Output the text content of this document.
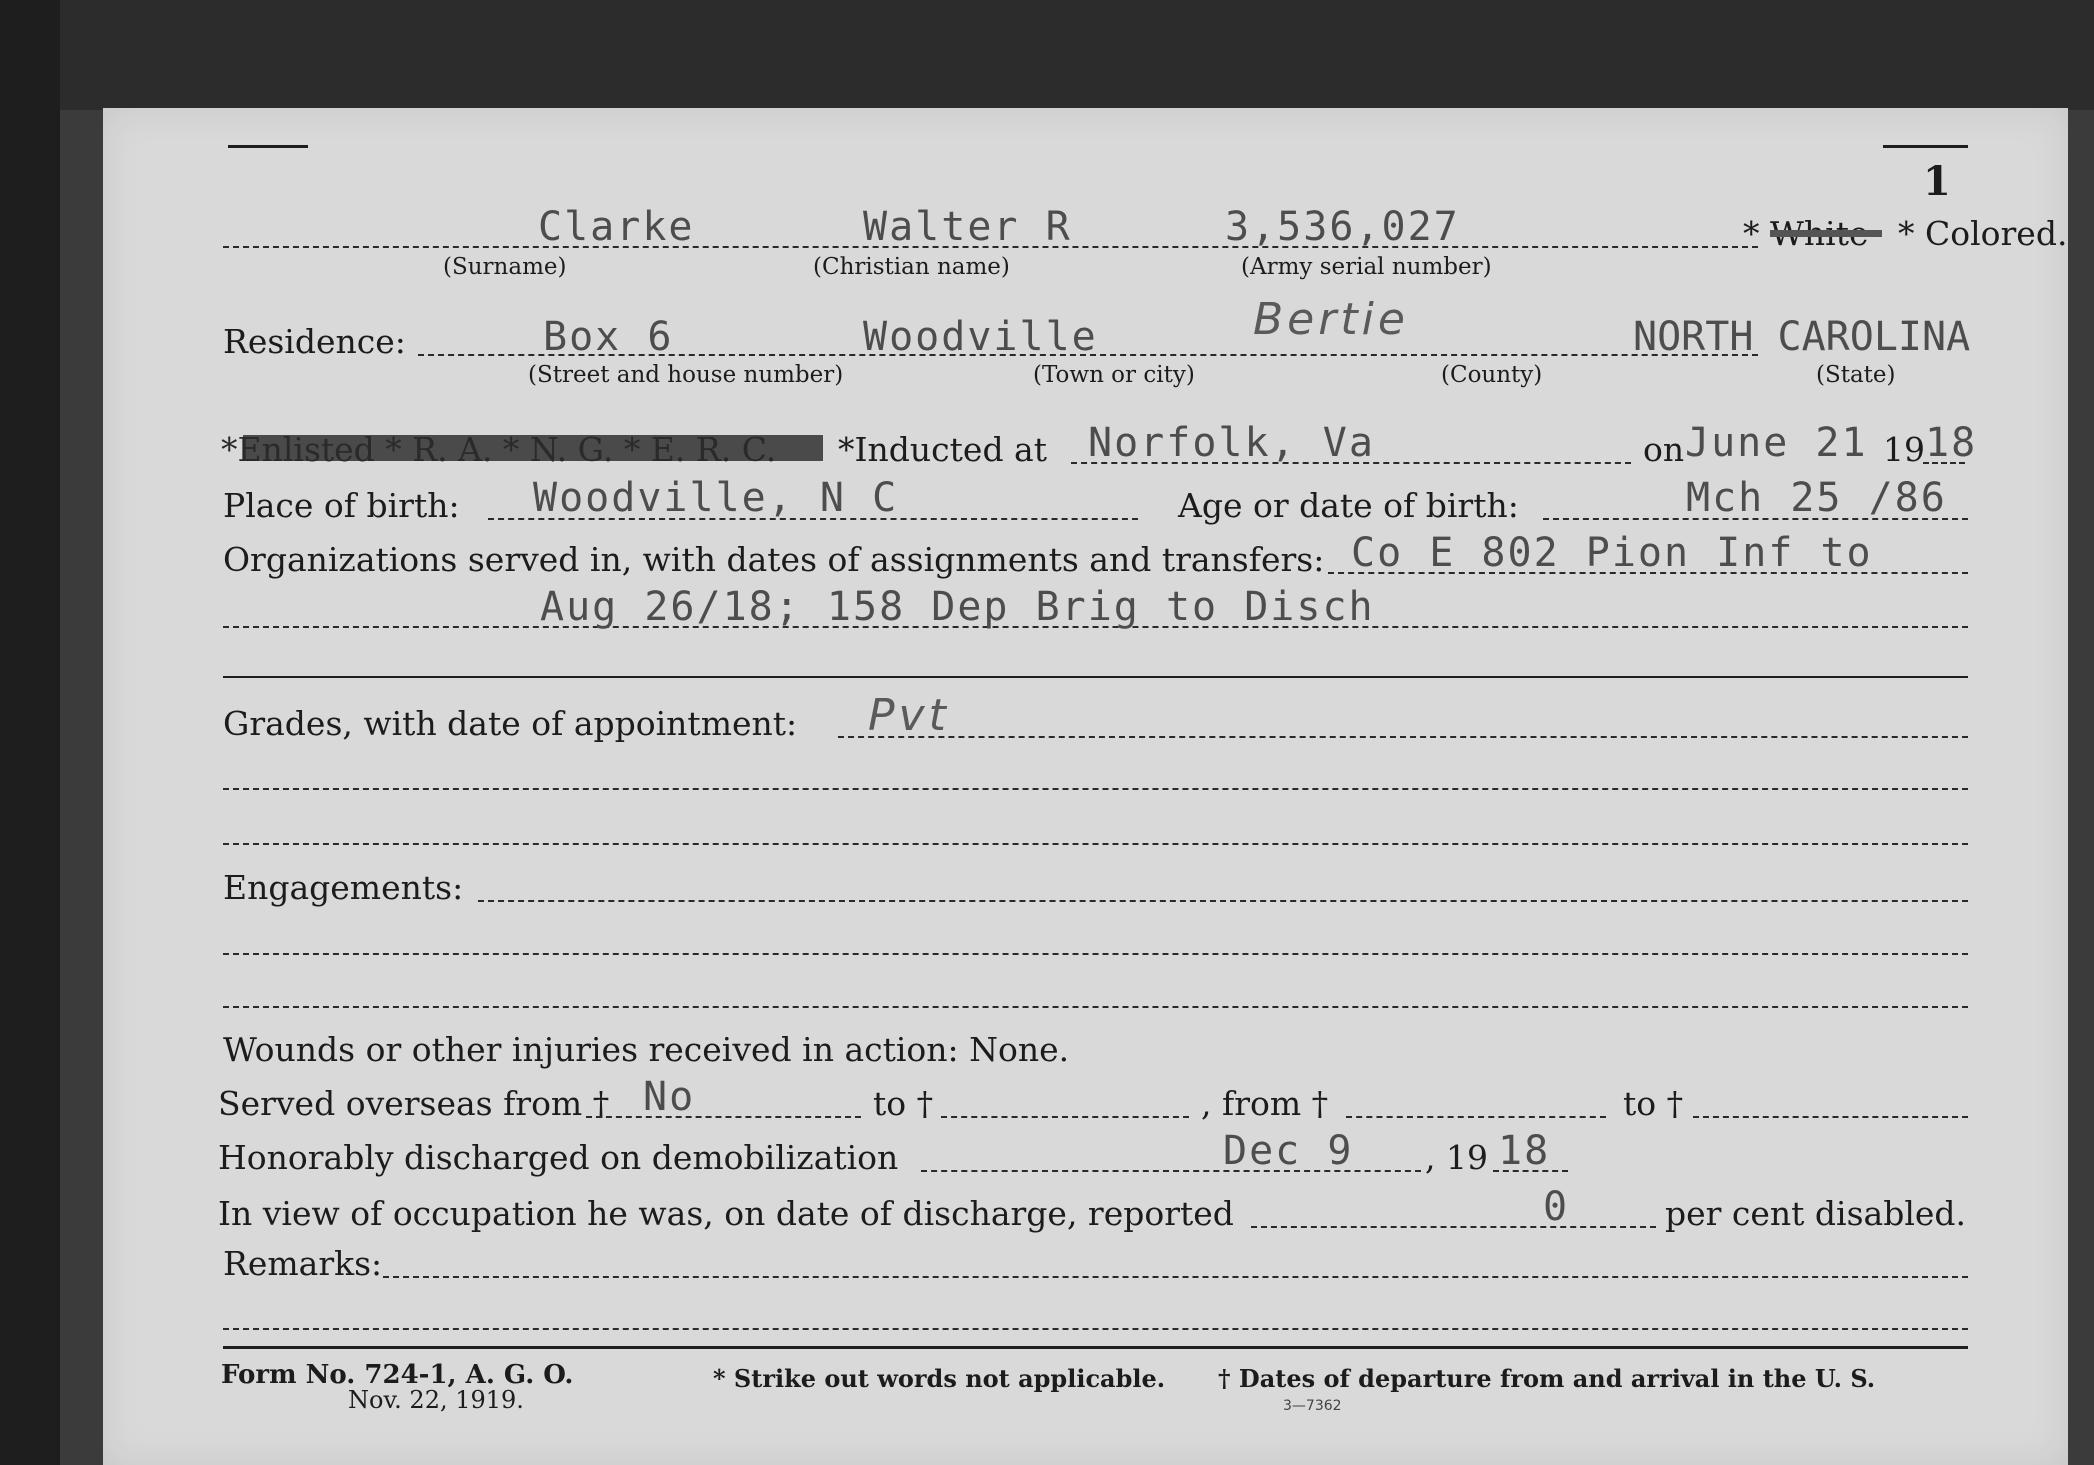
1
Clarke	Walter R	3,536,027	* White * Colored.
(Surname)	(Christian name)	(Army serial number)
Residence:	Box 6	Woodville	Bertie	NORTH CAROLINA
(Street and house number)	(Town or city)	(County)	(State)
*Enlisted * R. A. * N. G. * E. R. C. *Inducted at Norfolk, Va	on June 21 19 18
Place of birth: Woodville, N C	Age or date of birth:	Mch 25 /86
Organizations served in, with dates of assignments and transfers: Co E 802 Pion Inf to
Aug 26/18; 158 Dep Brig to Disch
Grades, with date of appointment: Pvt
Engagements:
Wounds or other injuries received in action: None.
Served overseas from † No	to †	, from †	to †
Honorably discharged on demobilization	Dec 9 , 19 18
In view of occupation he was, on date of discharge, reported	0	per cent disabled.
Remarks:
Form No. 724-1, A. G. O.
Nov. 22, 1919.
* Strike out words not applicable. † Dates of departure from and arrival in the U. S.
3—7362
